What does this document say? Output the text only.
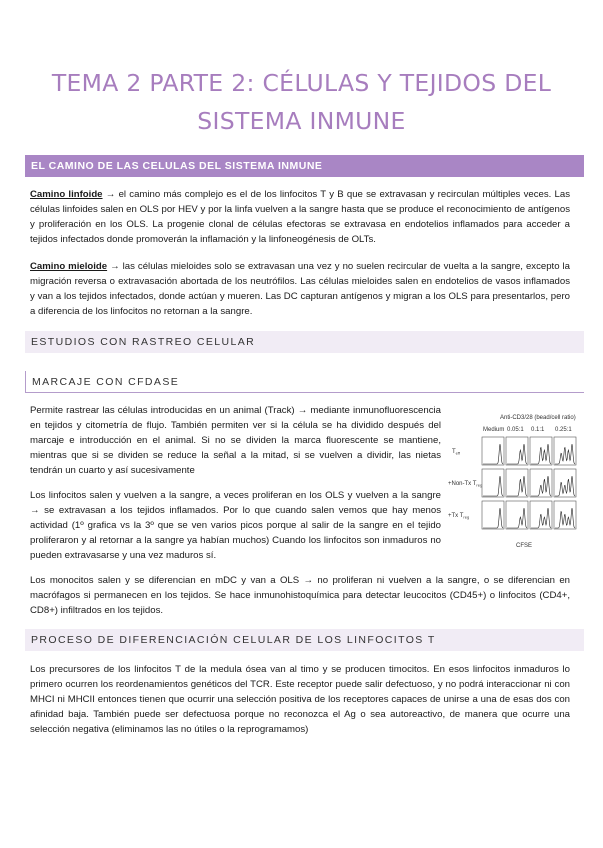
TEMA 2 PARTE 2: CÉLULAS Y TEJIDOS DEL
SISTEMA INMUNE
EL CAMINO DE LAS CELULAS DEL SISTEMA INMUNE

Camino linfoide → el camino más complejo es el de los linfocitos T y B que se extravasan y recirculan múltiples veces. Las células linfoides salen en OLS por HEV y por la linfa vuelven a la sangre hasta que se produce el reconocimiento de antígenos y proliferación en los OLS. La progenie clonal de células efectoras se extravasa en endotelios inflamados para acceder a tejidos infectados donde promoverán la inflamación y la linfoneogénesis de OLTs.

Camino mieloide → las células mieloides solo se extravasan una vez y no suelen recircular de vuelta a la sangre, excepto la migración reversa o extravasación abortada de los neutrófilos. Las células mieloides salen en endotelios de vasos inflamados y van a los tejidos infectados, donde actúan y mueren. Las DC capturan antígenos y migran a los OLS para presentarlos, pero a diferencia de los linfocitos no retornan a la sangre.

ESTUDIOS CON RASTREO CELULAR
MARCAJE CON CFDASE

Permite rastrear las células introducidas en un animal (Track) → mediante inmunofluorescencia en tejidos y citometría de flujo. También permiten ver si la célula se ha dividido después del marcaje e introducción en el animal. Si no se dividen la marca fluorescente se mantiene, mientras que si se dividen se reduce la señal a la mitad, si se vuelven a dividir, las nietas tendrán un cuarto y así sucesivamente

Los linfocitos salen y vuelven a la sangre, a veces proliferan en los OLS y vuelven a la sangre → se extravasan a los tejidos inflamados. Por lo que cuando salen vemos que hay menos actividad (1º grafica vs la 3º que se ven varios picos porque al salir de la sangre en el tejido proliferaron y al retornar a la sangre ya habían muchos) Cuando los linfocitos son inmaduros no pueden extravasarse y una vez maduros sí.

Los monocitos salen y se diferencian en mDC y van a OLS → no proliferan ni vuelven a la sangre, o se diferencian en macrófagos si permanecen en los tejidos. Se hace inmunohistoquímica para detectar leucocitos (CD45+) o linfocitos (CD4+, CD8+) infiltrados en los tejidos.

PROCESO DE DIFERENCIACIÓN CELULAR DE LOS LINFOCITOS T

Los precursores de los linfocitos T de la medula ósea van al timo y se producen timocitos. En esos linfocitos inmaduros lo primero ocurren los reordenamientos genéticos del TCR. Este receptor puede salir defectuoso, y no podrá interaccionar ni con MHCI ni MHCII entonces tienen que ocurrir una selección positiva de los receptores capaces de unirse a una de esas dos con afinidad baja. También puede ser defectuosa porque no reconozca el Ag o sea autoreactivo, de manera que ocurre una selección negativa (eliminamos las no útiles o la reprogramamos)

Anti-CD3/28 (bead/cell ratio)
Medium 0.05:1 0.1:1 0.25:1
$T_{eff}$
+Non-Tx $T_{reg}$
+Tx $T_{reg}$
CFSE
